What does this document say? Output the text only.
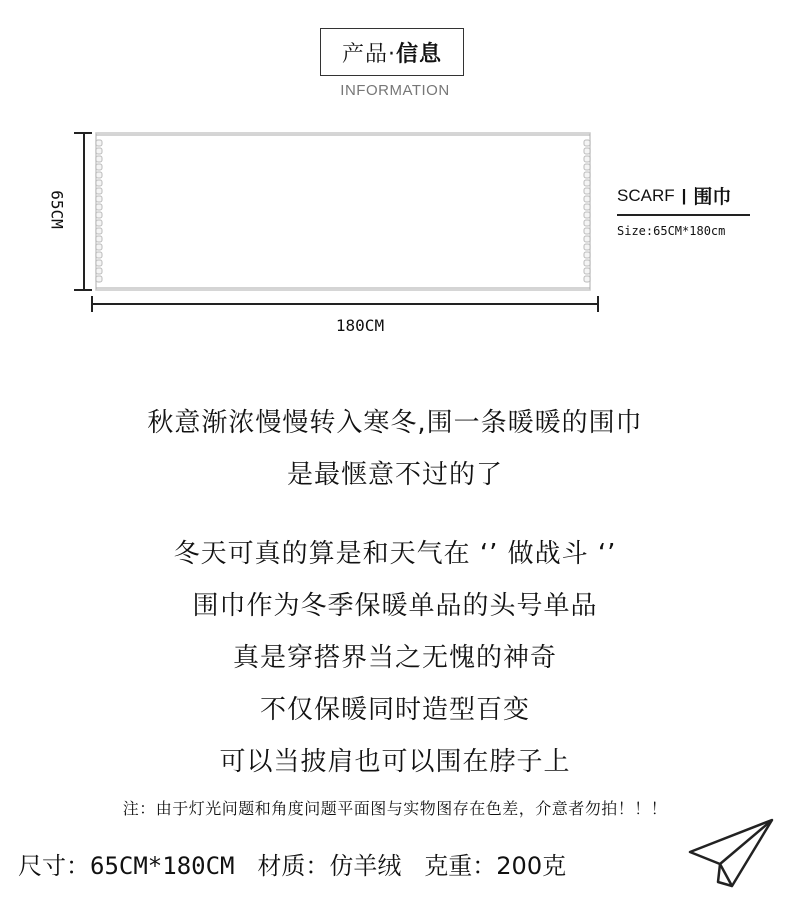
产品· 信息
INFORMATION
180CM
65CM	SCARF | 围巾
Size:65CM*180cm
秋意渐浓慢慢转入寒冬,围一条暖暖的围巾
是最惬意不过的了
冬天可真的算是和天气在 ‘’ 做战斗 ‘’
围巾作为冬季保暖单品的头号单品
真是穿搭界当之无愧的神奇
不仅保暖同时造型百变
可以当披肩也可以围在脖子上
注：由于灯光问题和角度问题平面图与实物图存在色差，介意者勿拍！！！
尺寸：65CM*180CM 材质：仿羊绒 克重：200克
